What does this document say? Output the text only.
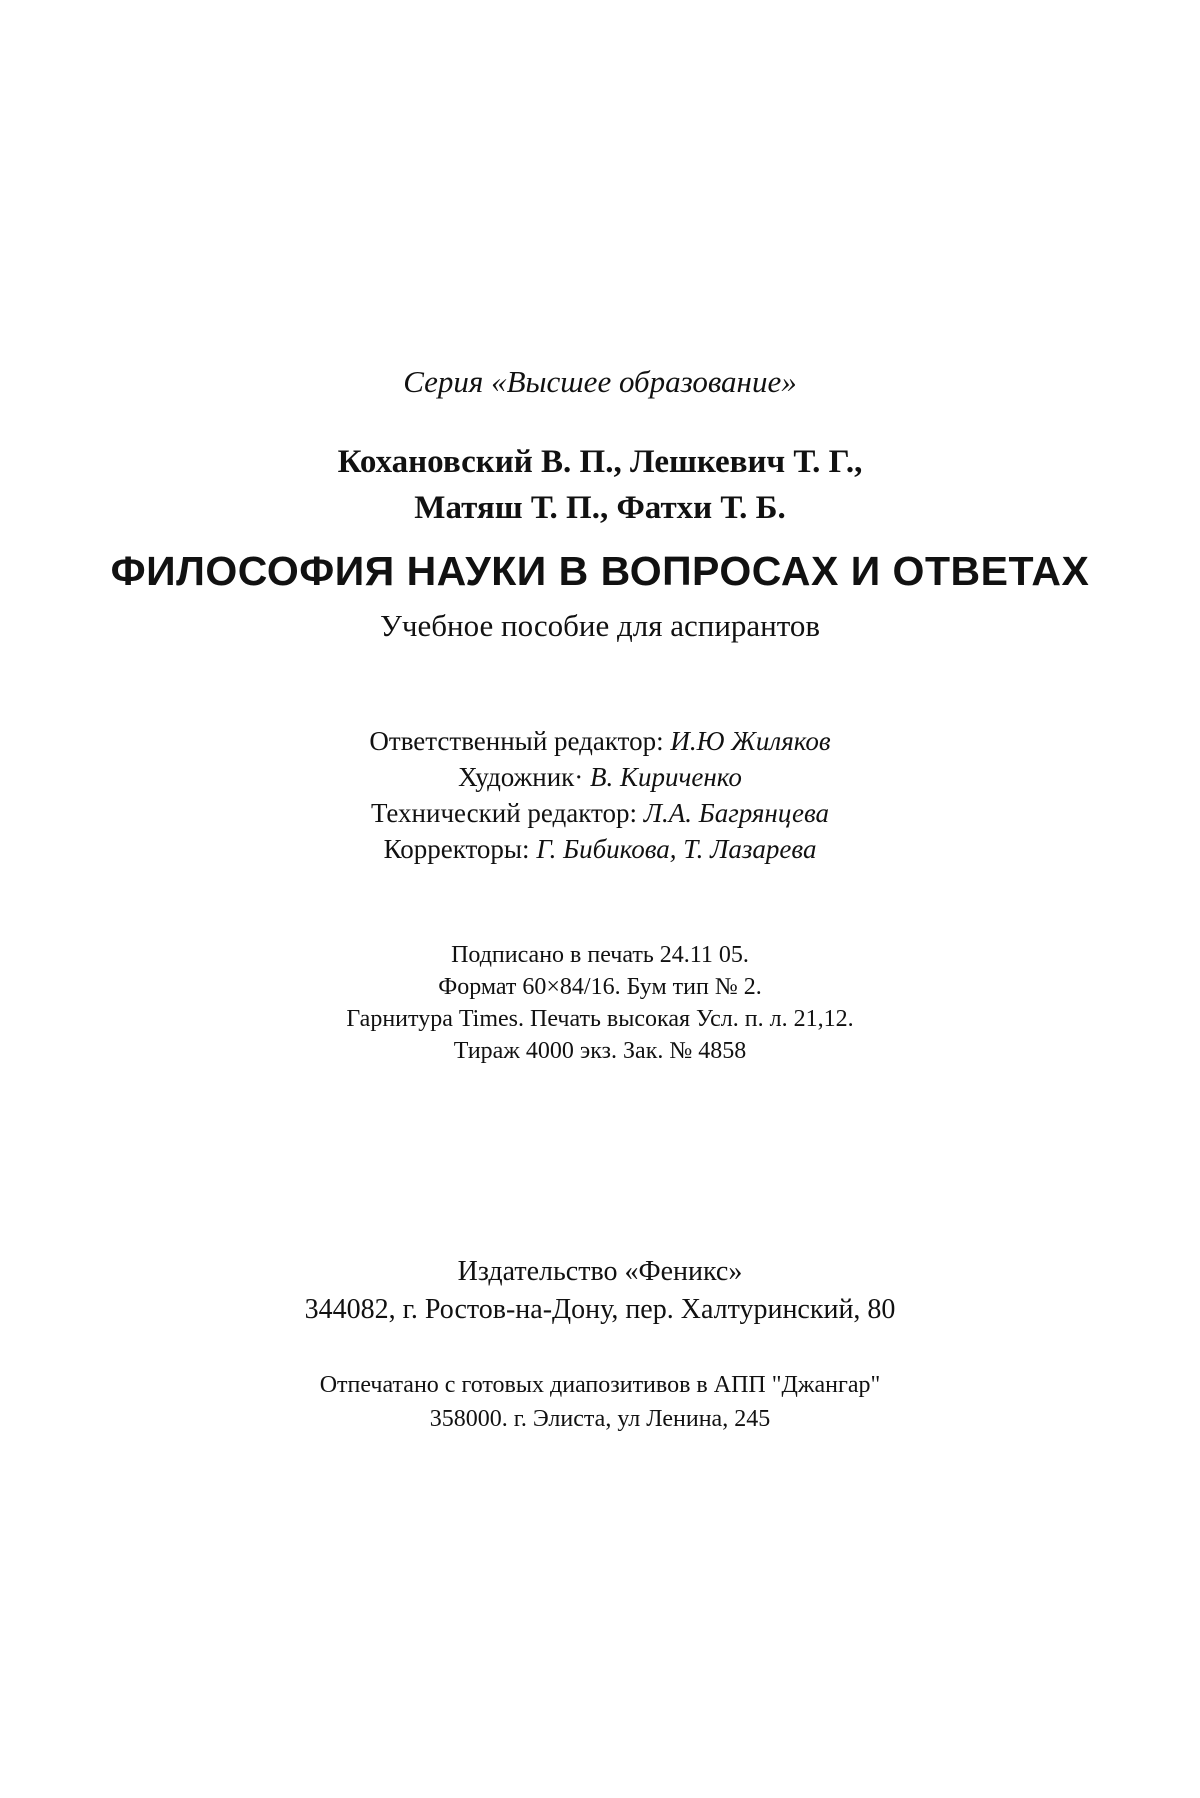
Серия «Высшее образование»
Кохановский В. П., Лешкевич Т. Г.,
Матяш Т. П., Фатхи Т. Б.
ФИЛОСОФИЯ НАУКИ В ВОПРОСАХ И ОТВЕТАХ
Учебное пособие для аспирантов
Ответственный редактор: И.Ю Жиляков
Художник· В. Кириченко
Технический редактор: Л.А. Багрянцева
Корректоры: Г. Бибикова, Т. Лазарева
Подписано в печать 24.11 05.
Формат 60×84/16. Бум тип № 2.
Гарнитура Times. Печать высокая Усл. п. л. 21,12.
Тираж 4000 экз. Зак. № 4858
Издательство «Феникс»
344082, г. Ростов-на-Дону, пер. Халтуринский, 80
Отпечатано с готовых диапозитивов в АПП "Джангар"
358000. г. Элиста, ул Ленина, 245
